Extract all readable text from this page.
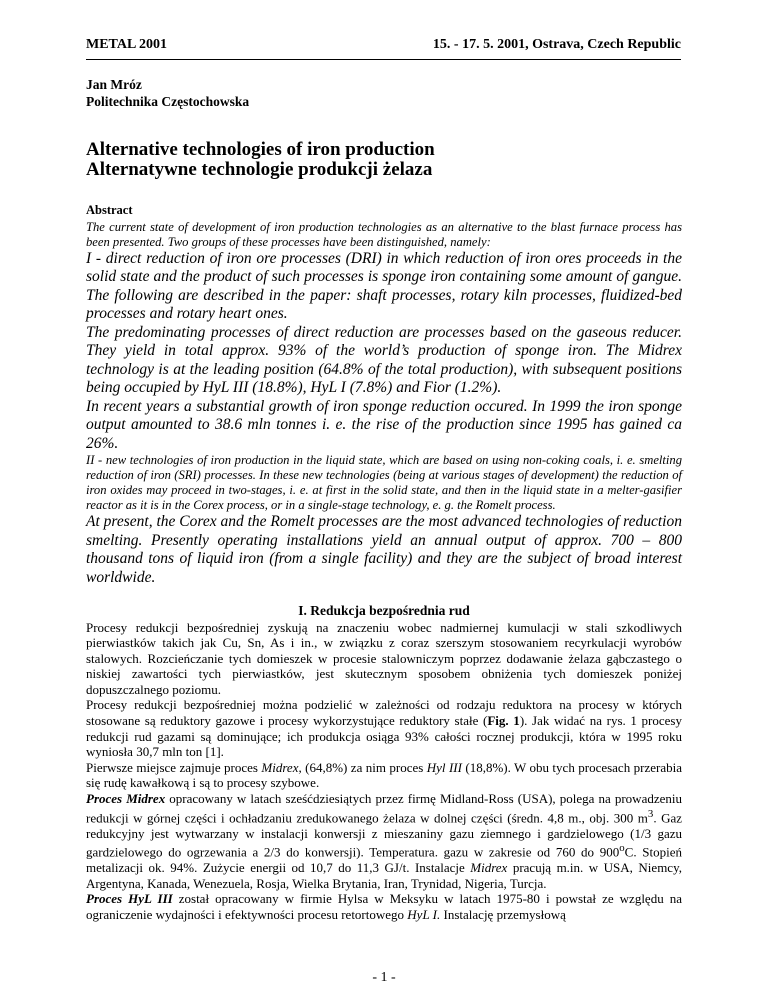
METAL 2001	15. - 17. 5. 2001, Ostrava, Czech Republic
Jan Mróz
Politechnika Częstochowska
Alternative technologies of iron production
Alternatywne technologie produkcji żelaza
Abstract

The current state of development of iron production technologies as an alternative to the blast furnace process has been presented. Two groups of these processes have been distinguished, namely:

I - direct reduction of iron ore processes (DRI) in which reduction of iron ores proceeds in the solid state and the product of such processes is sponge iron containing some amount of gangue. The following are described in the paper: shaft processes, rotary kiln processes, fluidized-bed processes and rotary heart ones.

The predominating processes of direct reduction are processes based on the gaseous reducer. They yield in total approx. 93% of the world’s production of sponge iron. The Midrex technology is at the leading position (64.8% of the total production), with subsequent positions being occupied by HyL III (18.8%), HyL I (7.8%) and Fior (1.2%).

In recent years a substantial growth of iron sponge reduction occured. In 1999 the iron sponge output amounted to 38.6 mln tonnes i. e. the rise of the production since 1995 has gained ca 26%.

II - new technologies of iron production in the liquid state, which are based on using non-coking coals, i. e. smelting reduction of iron (SRI) processes. In these new technologies (being at various stages of development) the reduction of iron oxides may proceed in two-stages, i. e. at first in the solid state, and then in the liquid state in a melter-gasifier reactor as it is in the Corex process, or in a single-stage technology, e. g. the Romelt process.

At present, the Corex and the Romelt processes are the most advanced technologies of reduction smelting. Presently operating installations yield an annual output of approx. 700 – 800 thousand tons of liquid iron (from a single facility) and they are the subject of broad interest worldwide.

I. Redukcja bezpośrednia rud

Procesy redukcji bezpośredniej zyskują na znaczeniu wobec nadmiernej kumulacji w stali szkodliwych pierwiastków takich jak Cu, Sn, As i in., w związku z coraz szerszym stosowaniem recyrkulacji wyrobów stalowych. Rozcieńczanie tych domieszek w procesie stalowniczym poprzez dodawanie żelaza gąbczastego o niskiej zawartości tych pierwiastków, jest skutecznym sposobem obniżenia tych domieszek poniżej dopuszczalnego poziomu.

Procesy redukcji bezpośredniej można podzielić w zależności od rodzaju reduktora na procesy w których stosowane są reduktory gazowe i procesy wykorzystujące reduktory stałe (Fig. 1). Jak widać na rys. 1 procesy redukcji rud gazami są dominujące; ich produkcja osiąga 93% całości rocznej produkcji, która w 1995 roku wyniosła 30,7 mln ton [1].

Pierwsze miejsce zajmuje proces Midrex, (64,8%) za nim proces Hyl III (18,8%). W obu tych procesach przerabia się rudę kawałkową i są to procesy szybowe.

Proces Midrex opracowany w latach sześćdziesiątych przez firmę Midland-Ross (USA), polega na prowadzeniu redukcji w górnej części i ochładzaniu zredukowanego żelaza w dolnej części (średn. 4,8 m., obj. 300 $m^3$. Gaz redukcyjny jest wytwarzany w instalacji konwersji z mieszaniny gazu ziemnego i gardzielowego (1/3 gazu gardzielowego do ogrzewania a 2/3 do konwersji). Temperatura. gazu w zakresie od 760 do 900$^o$C. Stopień metalizacji ok. 94%. Zużycie energii od 10,7 do 11,3 GJ/t. Instalacje Midrex pracują m.in. w USA, Niemcy, Argentyna, Kanada, Wenezuela, Rosja, Wielka Brytania, Iran, Trynidad, Nigeria, Turcja.

Proces HyL III został opracowany w firmie Hylsa w Meksyku w latach 1975-80 i powstał ze względu na ograniczenie wydajności i efektywności procesu retortowego HyL I. Instalację przemysłową

- 1 -
